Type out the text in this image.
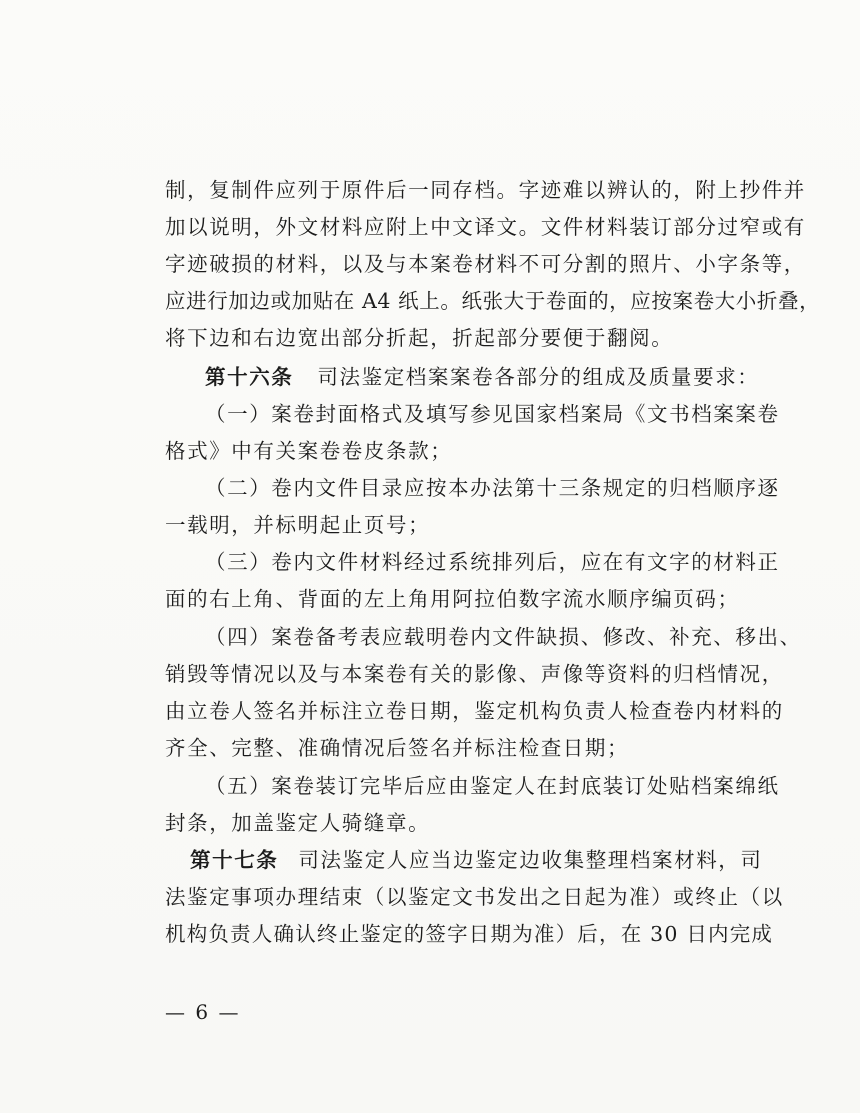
制，复制件应列于原件后一同存档。字迹难以辨认的，附上抄件并
加以说明，外文材料应附上中文译文。文件材料装订部分过窄或有
字迹破损的材料，以及与本案卷材料不可分割的照片、小字条等，
应进行加边或加贴在 A4 纸上。纸张大于卷面的，应按案卷大小折叠，
将下边和右边宽出部分折起，折起部分要便于翻阅。
第十六条 司法鉴定档案案卷各部分的组成及质量要求：
（一）案卷封面格式及填写参见国家档案局《文书档案案卷
格式》中有关案卷卷皮条款；
（二）卷内文件目录应按本办法第十三条规定的归档顺序逐
一载明，并标明起止页号；
（三）卷内文件材料经过系统排列后，应在有文字的材料正
面的右上角、背面的左上角用阿拉伯数字流水顺序编页码；
（四）案卷备考表应载明卷内文件缺损、修改、补充、移出、
销毁等情况以及与本案卷有关的影像、声像等资料的归档情况，
由立卷人签名并标注立卷日期，鉴定机构负责人检查卷内材料的
齐全、完整、准确情况后签名并标注检查日期；
（五）案卷装订完毕后应由鉴定人在封底装订处贴档案绵纸
封条，加盖鉴定人骑缝章。
第十七条 司法鉴定人应当边鉴定边收集整理档案材料，司
法鉴定事项办理结束（以鉴定文书发出之日起为准）或终止（以
机构负责人确认终止鉴定的签字日期为准）后，在 30 日内完成
— 6 —
